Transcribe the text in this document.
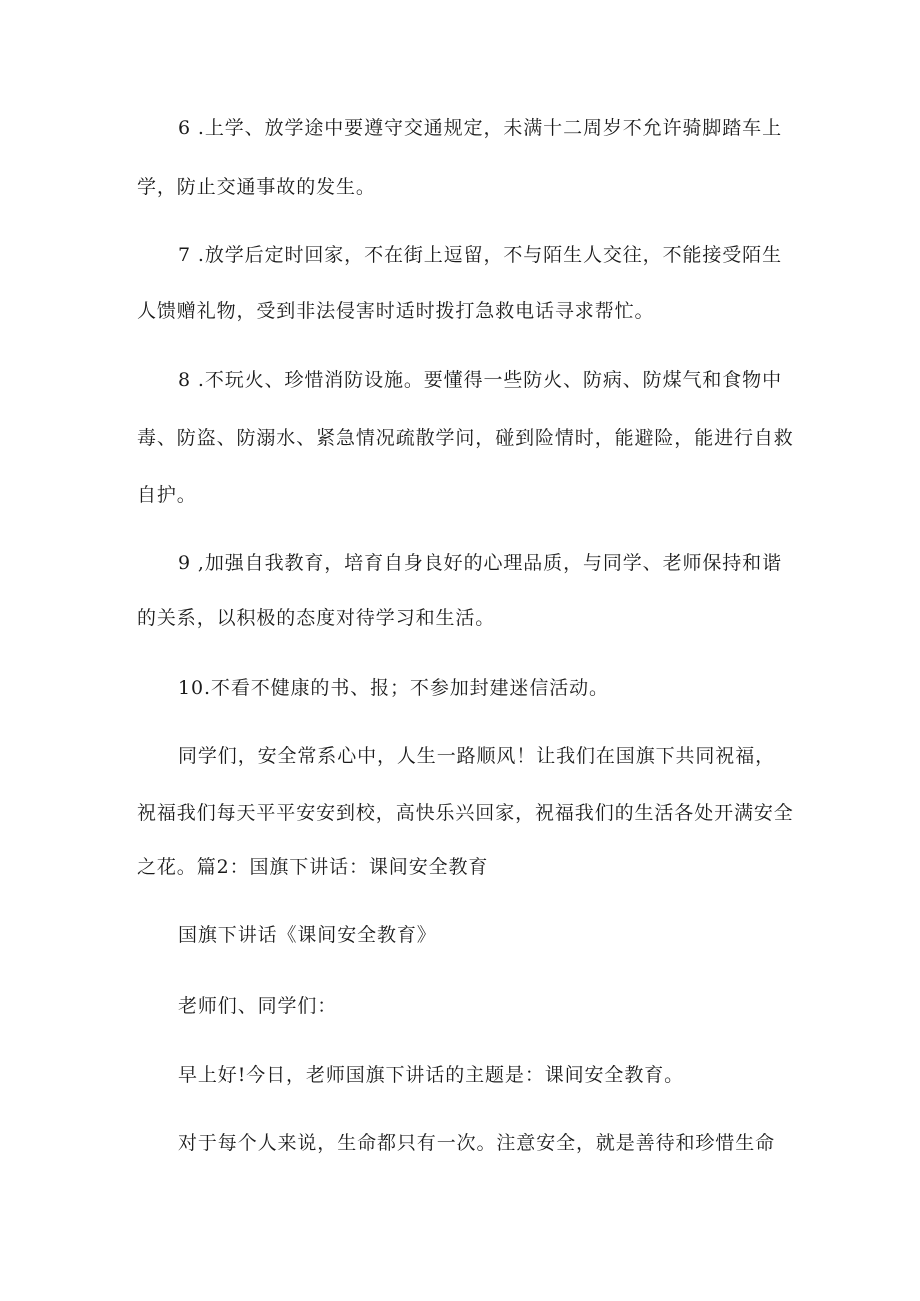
6 .上学、放学途中要遵守交通规定，未满十二周岁不允许骑脚踏车上
学，防止交通事故的发生。
7 .放学后定时回家，不在街上逗留，不与陌生人交往，不能接受陌生
人馈赠礼物，受到非法侵害时适时拨打急救电话寻求帮忙。
8 .不玩火、珍惜消防设施。要懂得一些防火、防病、防煤气和食物中
毒、防盗、防溺水、紧急情况疏散学问，碰到险情时，能避险，能进行自救
自护。
9 ,加强自我教育，培育自身良好的心理品质，与同学、老师保持和谐
的关系，以积极的态度对待学习和生活。
10.不看不健康的书、报；不参加封建迷信活动。
同学们，安全常系心中，人生一路顺风！让我们在国旗下共同祝福，
祝福我们每天平平安安到校，高快乐兴回家，祝福我们的生活各处开满安全
之花。篇2：国旗下讲话：课间安全教育
国旗下讲话《课间安全教育》
老师们、同学们：
早上好!今日，老师国旗下讲话的主题是：课间安全教育。
对于每个人来说，生命都只有一次。注意安全，就是善待和珍惜生命
